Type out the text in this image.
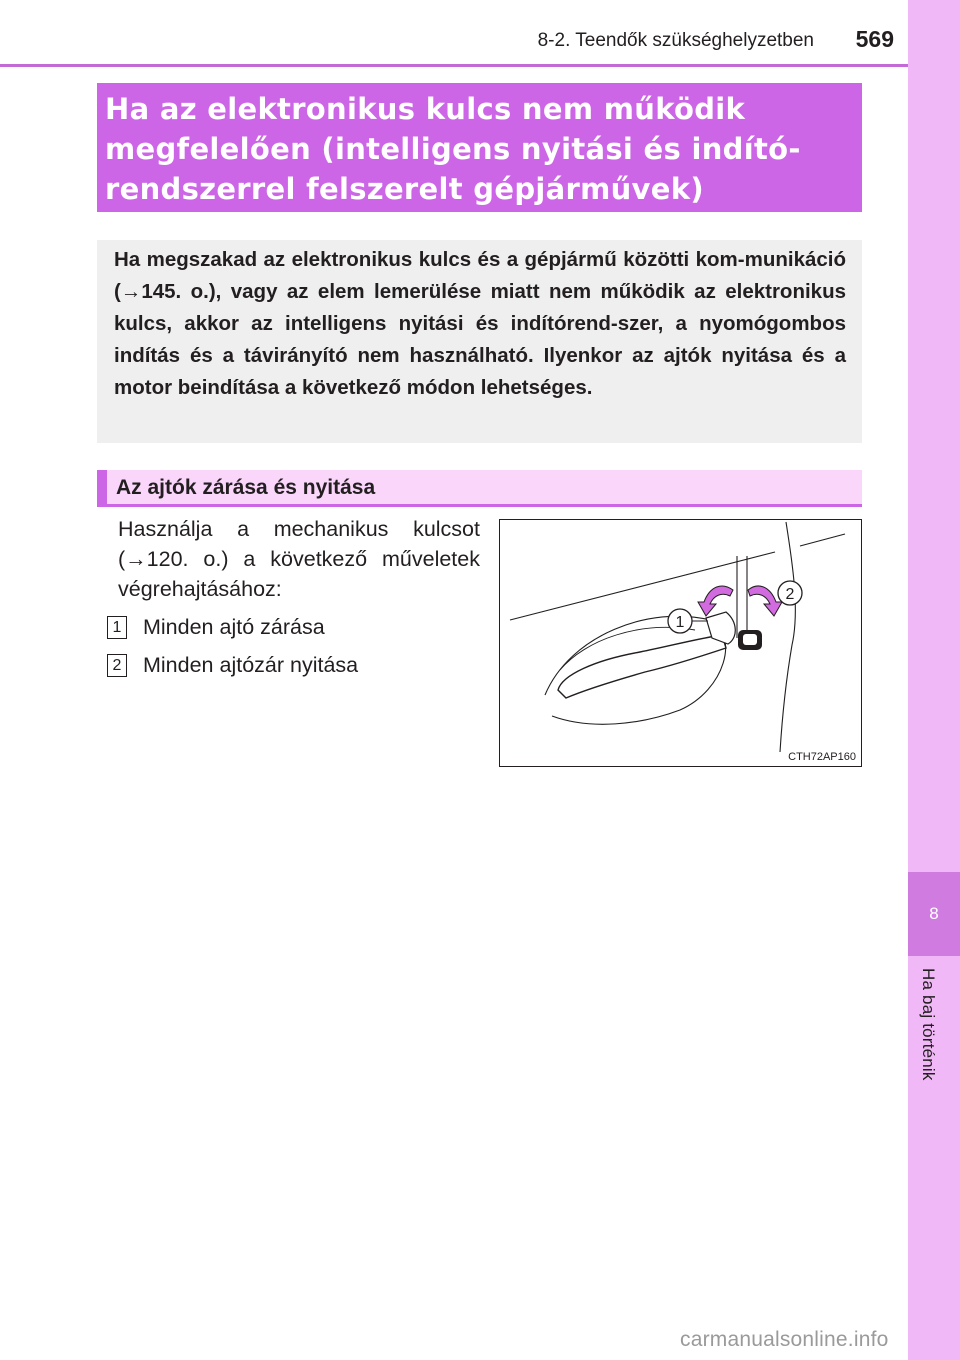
8
Ha baj történik
8-2. Teendők szükséghelyzetben 569

Ha az elektronikus kulcs nem működik

megfelelően (intelligens nyitási és indító-

rendszerrel felszerelt gépjárművek)

Ha megszakad az elektronikus kulcs és a gépjármű közötti kom-munikáció (→145. o.), vagy az elem lemerülése miatt nem működik az elektronikus kulcs, akkor az intelligens nyitási és indítórend-szer, a nyomógombos indítás és a távirányító nem használható. Ilyenkor az ajtók nyitása és a motor beindítása a következő módon lehetséges.

Az ajtók zárása és nyitása

Használja a mechanikus kulcsot (→120. o.) a következő műveletek végrehajtásához:

1 Minden ajtó zárása
2 Minden ajtózár nyitása
1
2
CTH72AP160
carmanualsonline.info
